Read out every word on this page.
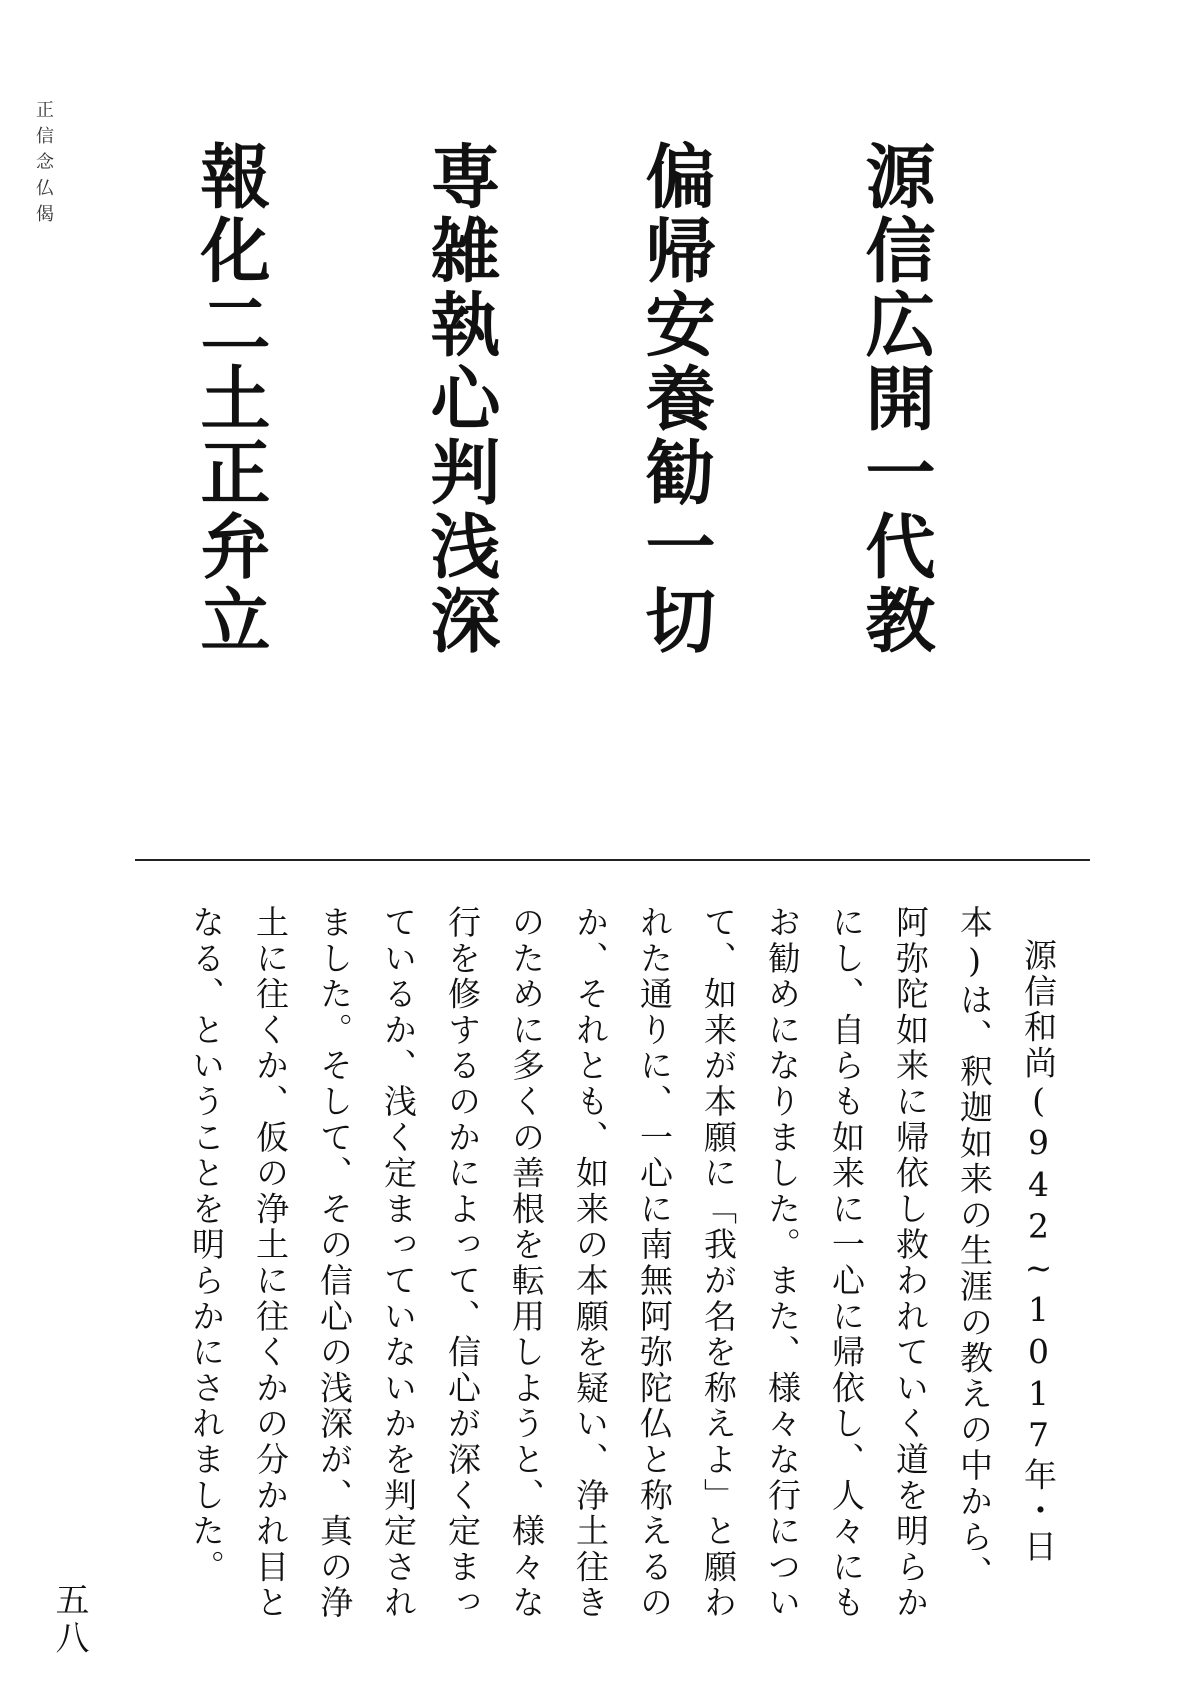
正信念仏偈	源信広開一代教
偏帰安養勧一切
専雑執心判浅深
報化二土正弁立

源信和尚(942~1017年・日本)は、釈迦如来の生涯の教えの中から、阿弥陀如来に帰依し救われていく道を明らかにし、自らも如来に一心に帰依し、人々にもお勧めになりました。また、様々な行について、如来が本願に「我が名を称えよ」と願われた通りに、一心に南無阿弥陀仏と称えるのか、それとも、如来の本願を疑い、浄土往きのために多くの善根を転用しようと、様々な行を修するのかによって、信心が深く定まっているか、浅く定まっていないかを判定されました。そして、その信心の浅深が、真の浄土に往くか、仮の浄土に往くかの分かれ目となる、ということを明らかにされました。

五八
